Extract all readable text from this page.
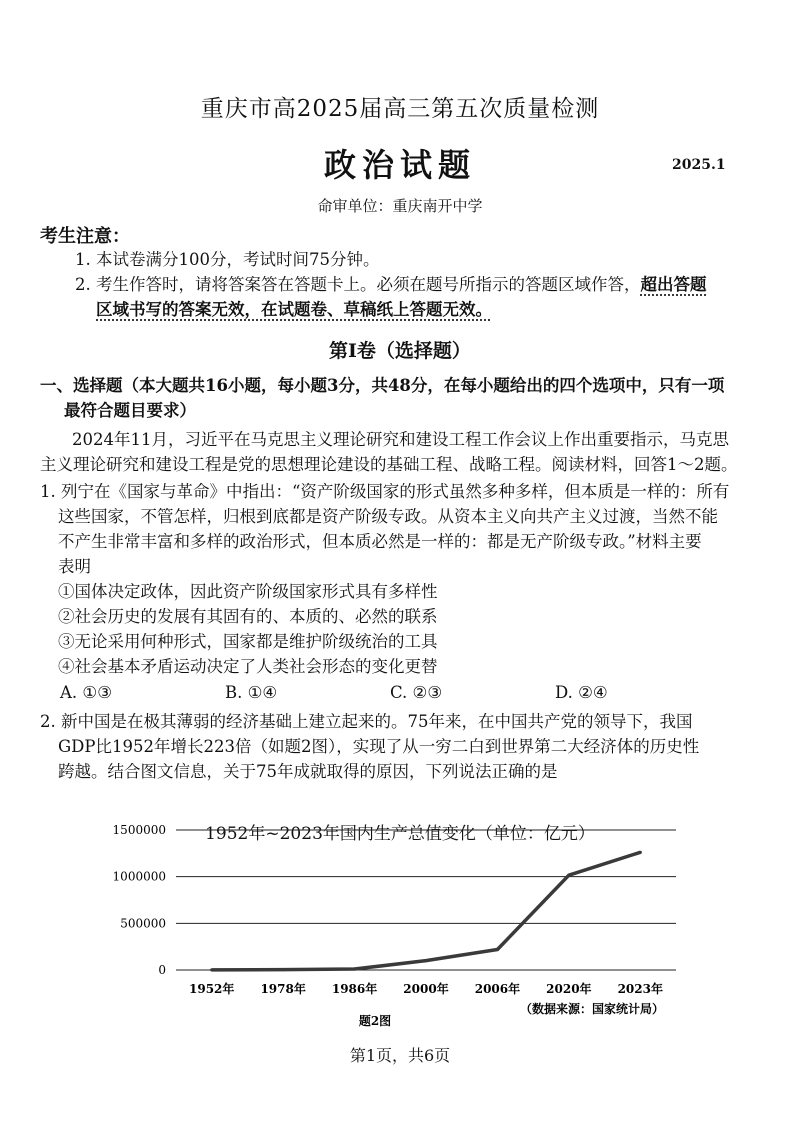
重庆市高2025届高三第五次质量检测
政治试题	2025.1
命审单位：重庆南开中学
考生注意：
1. 本试卷满分100分，考试时间75分钟。
2. 考生作答时，请将答案答在答题卡上。必须在题号所指示的答题区域作答，超出答题
区域书写的答案无效，在试题卷、草稿纸上答题无效。
第Ⅰ卷（选择题）
一、选择题（本大题共16小题，每小题3分，共48分，在每小题给出的四个选项中，只有一项
最符合题目要求）
2024年11月，习近平在马克思主义理论研究和建设工程工作会议上作出重要指示，马克思
主义理论研究和建设工程是党的思想理论建设的基础工程、战略工程。阅读材料，回答1～2题。
1. 列宁在《国家与革命》中指出：“资产阶级国家的形式虽然多种多样，但本质是一样的：所有
这些国家，不管怎样，归根到底都是资产阶级专政。从资本主义向共产主义过渡，当然不能
不产生非常丰富和多样的政治形式，但本质必然是一样的：都是无产阶级专政。”材料主要
表明
①国体决定政体，因此资产阶级国家形式具有多样性
②社会历史的发展有其固有的、本质的、必然的联系
③无论采用何种形式，国家都是维护阶级统治的工具
④社会基本矛盾运动决定了人类社会形态的变化更替
A. ①③	B. ①④	C. ②③	D. ②④
2. 新中国是在极其薄弱的经济基础上建立起来的。75年来，在中国共产党的领导下，我国
GDP比1952年增长223倍（如题2图），实现了从一穷二白到世界第二大经济体的历史性
跨越。结合图文信息，关于75年成就取得的原因，下列说法正确的是
1952年~2023年国内生产总值变化（单位：亿元）
0
500000
1000000
1500000
1952年 1978年 1986年 2000年 2006年 2020年 2023年
（数据来源：国家统计局）
题2图
第1页，共6页
